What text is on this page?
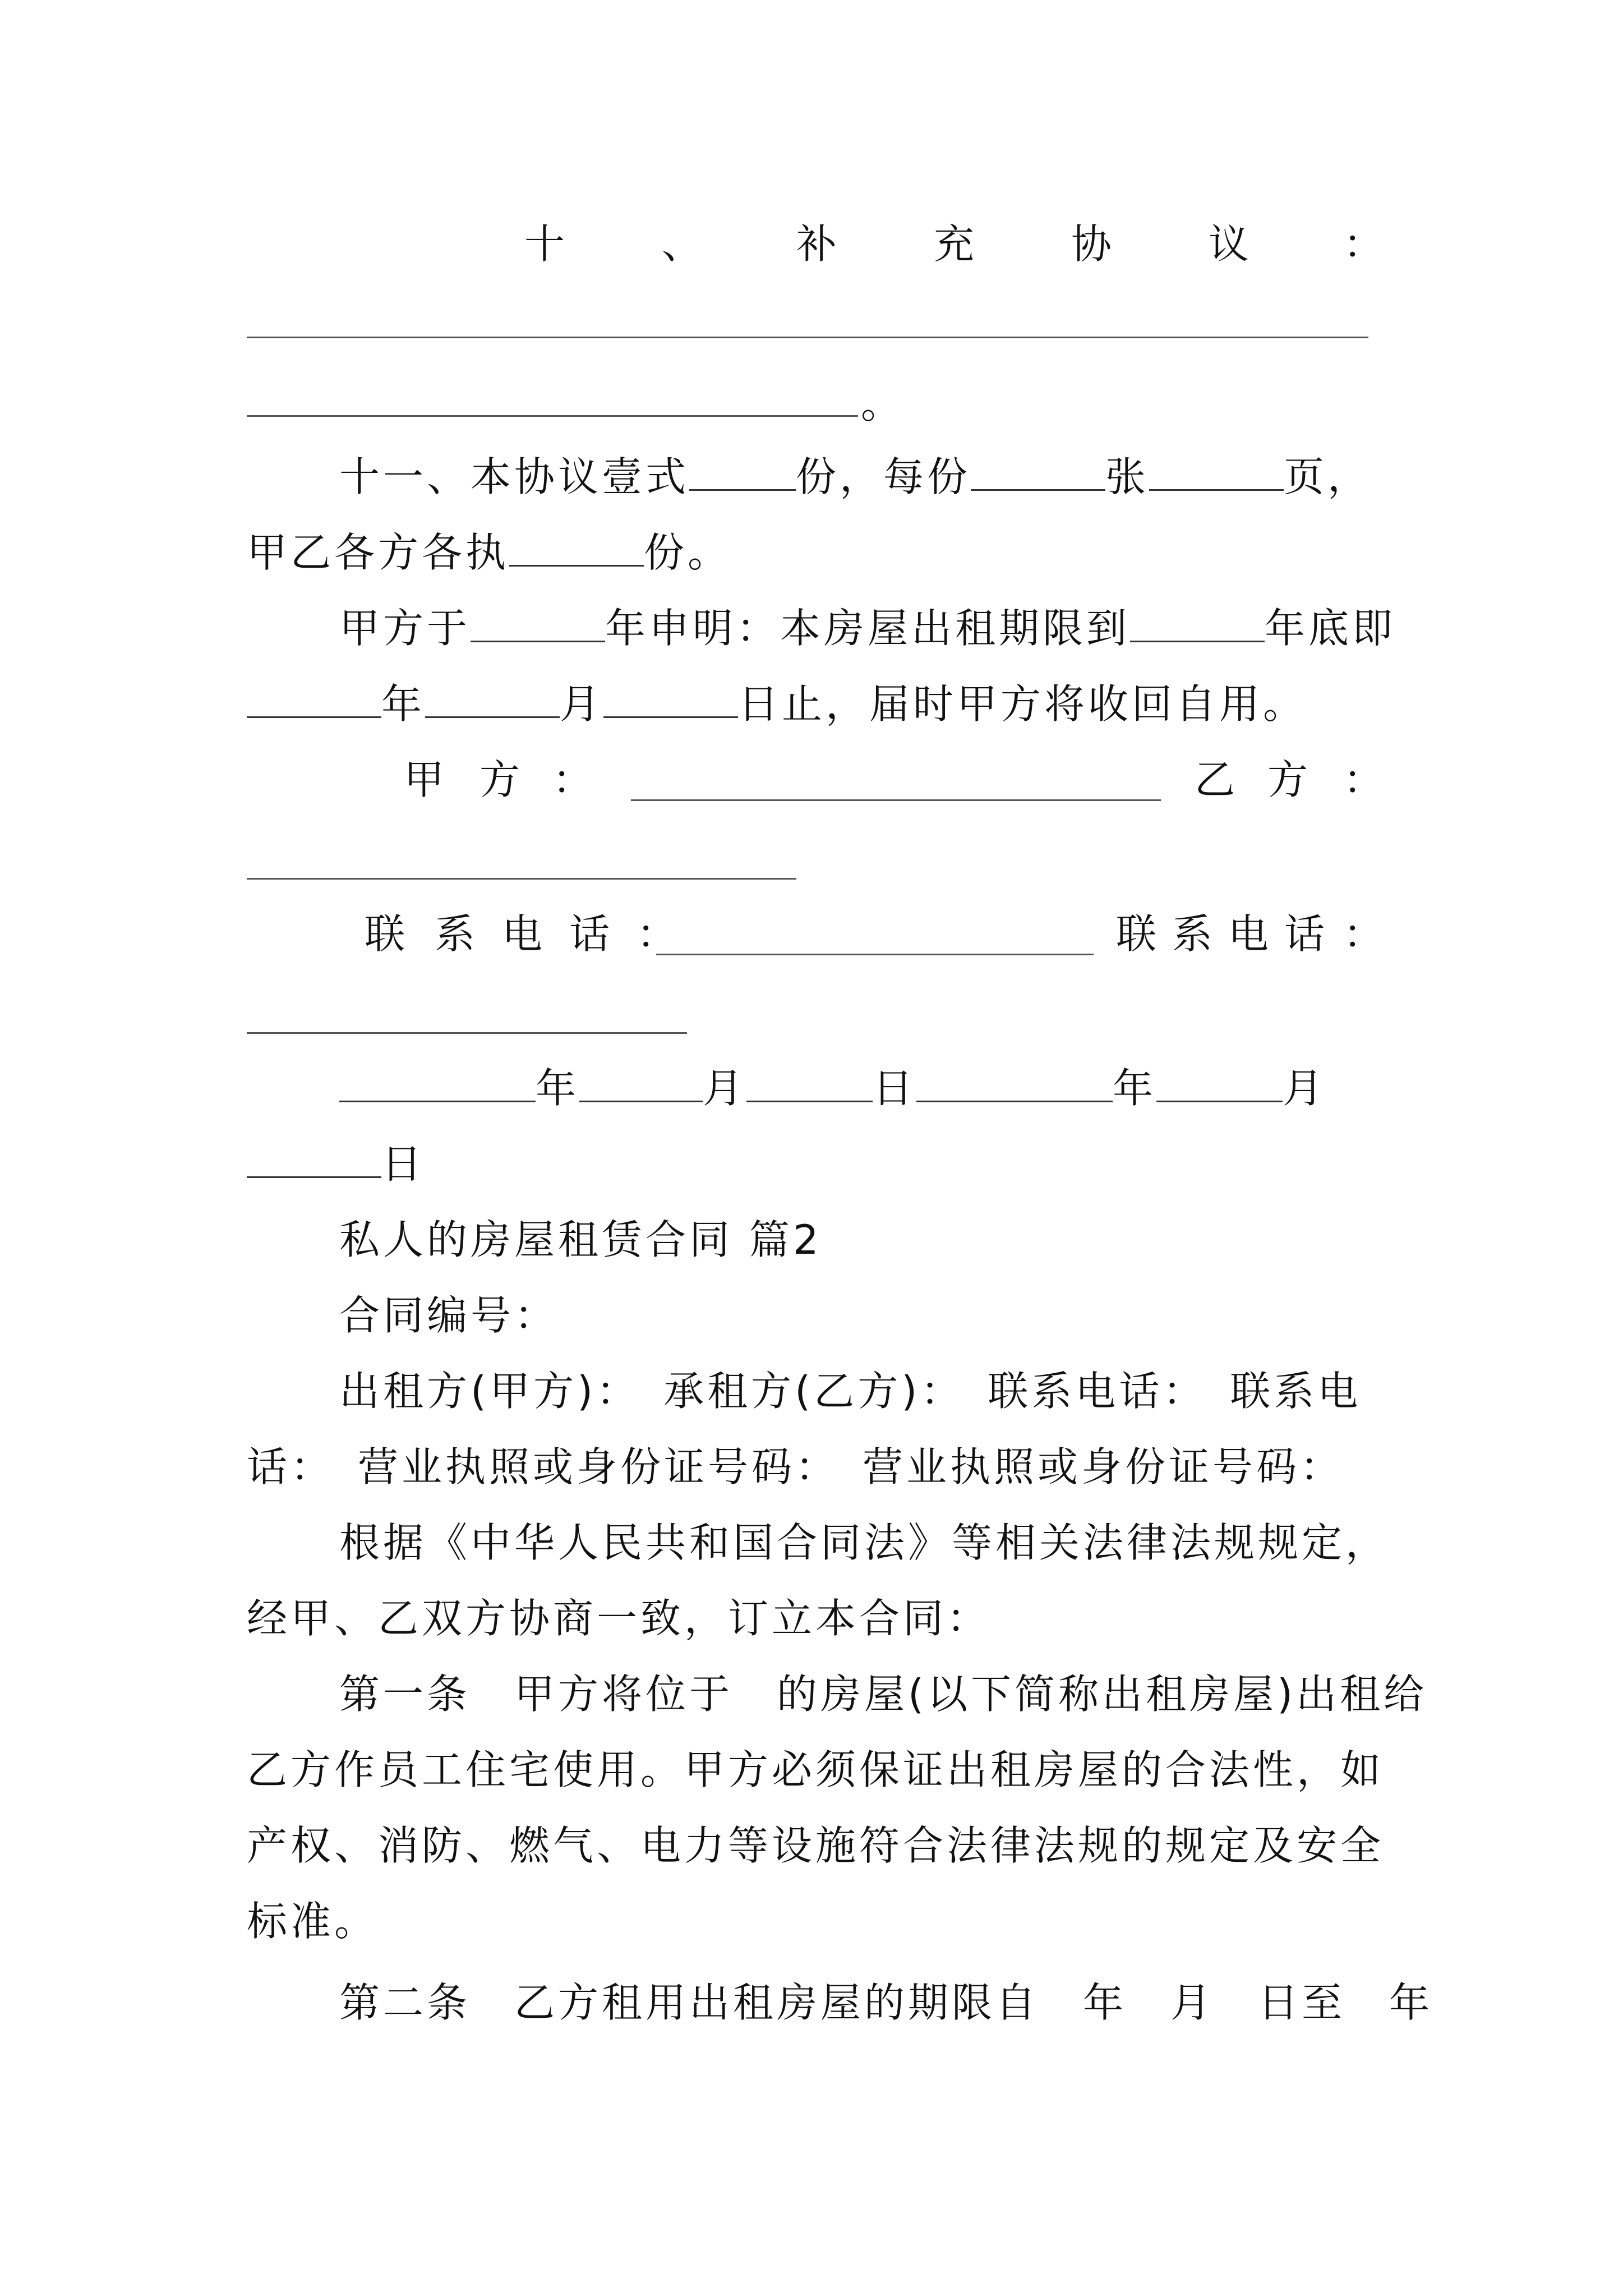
十 、 补 充 协 议 ：
。
十一、本协议壹式	份，每份	张	页，
甲乙各方各执	份。
甲方于	年申明：本房屋出租期限到	年底即
年	月	日止，届时甲方将收回自用。
甲 方 ：	乙 方 ：
联 系 电 话 ：	联 系 电 话 ：
年	月	日	年	月
日
私人的房屋租赁合同 篇2
合同编号：
出租方(甲方)：　承租方(乙方)：　联系电话：　联系电
话：　营业执照或身份证号码：　营业执照或身份证号码：
根据《中华人民共和国合同法》等相关法律法规规定，
经甲、乙双方协商一致，订立本合同：
第一条　甲方将位于　的房屋(以下简称出租房屋)出租给
乙方作员工住宅使用。甲方必须保证出租房屋的合法性，如
产权、消防、燃气、电力等设施符合法律法规的规定及安全
标准。
第二条　乙方租用出租房屋的期限自　年　月　日至　年
